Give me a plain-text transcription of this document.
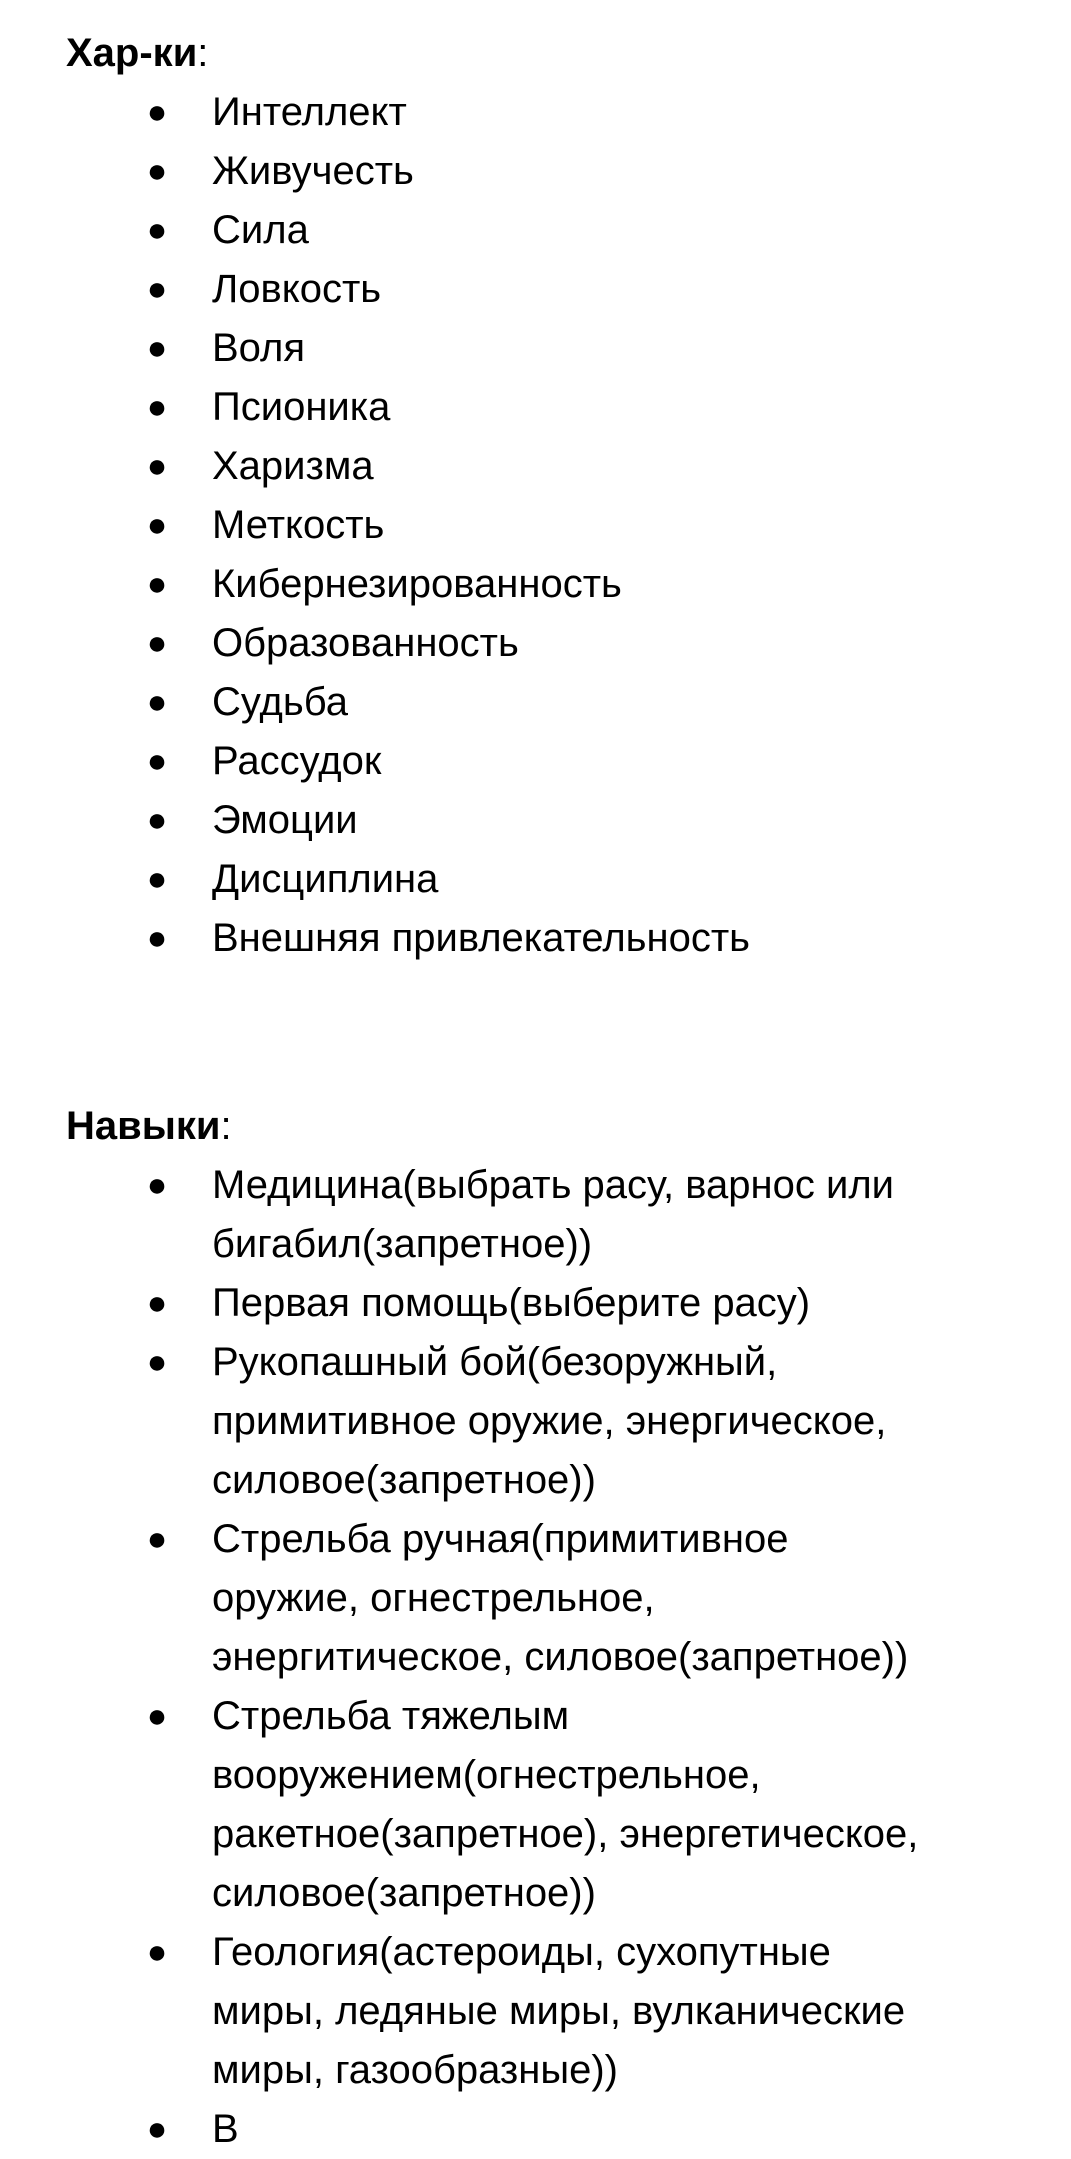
Хар-ки:
● Интеллект
● Живучесть
● Сила
● Ловкость
● Воля
● Псионика
● Харизма
● Меткость
● Кибернезированность
● Образованность
● Судьба
● Рассудок
● Эмоции
● Дисциплина
● Внешняя привлекательность
Навыки:
● Медицина(выбрать расу, варнос или
бигабил(запретное))
● Первая помощь(выберите расу)
● Рукопашный бой(безоружный,
примитивное оружие, энергическое,
силовое(запретное))
● Стрельба ручная(примитивное
оружие, огнестрельное,
энергитическое, силовое(запретное))
● Стрельба тяжелым
вооружением(огнестрельное,
ракетное(запретное), энергетическое,
силовое(запретное))
● Геология(астероиды, сухопутные
миры, ледяные миры, вулканические
миры, газообразные))
● В
